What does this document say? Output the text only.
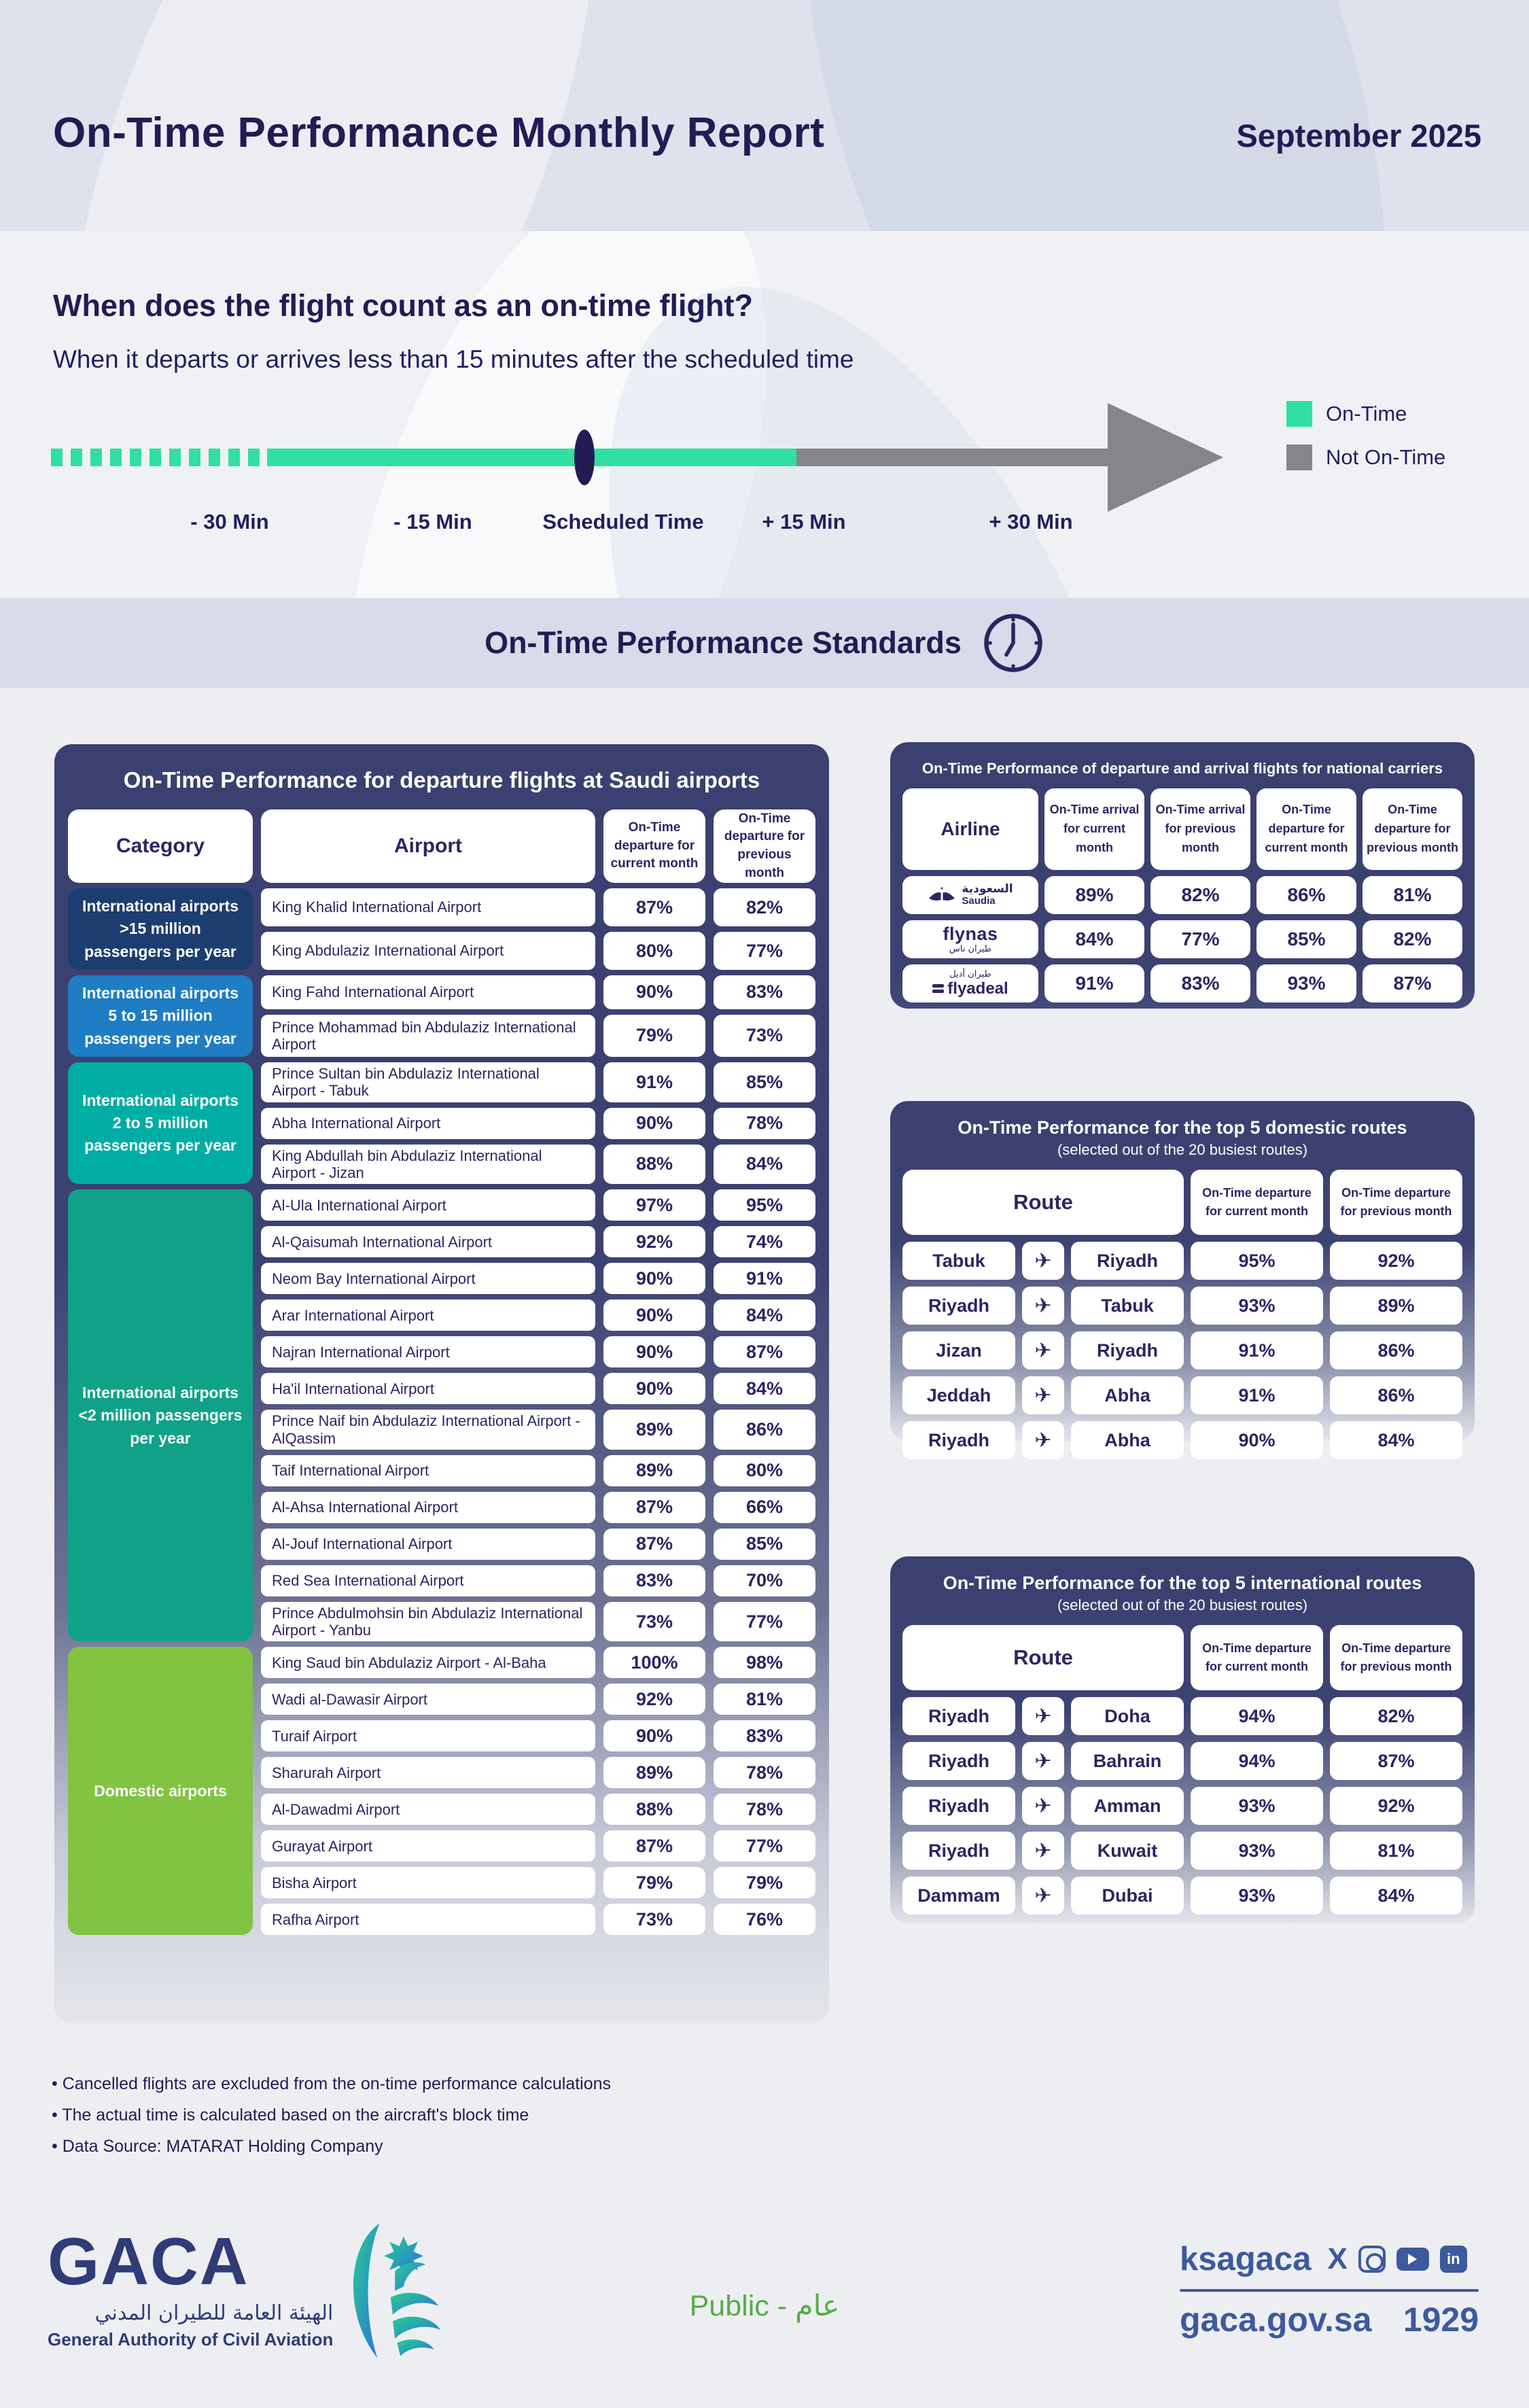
On-Time Performance Monthly Report	September 2025
When does the flight count as an on-time flight?
When it departs or arrives less than 15 minutes after the scheduled time
- 30 Min	- 15 Min	Scheduled Time	+ 15 Min	+ 30 Min
On-Time
Not On-Time
On-Time Performance Standards
On-Time Performance for departure flights at Saudi airports
Category	Airport
On-Time departure for current month
On-Time departure for previous month
International airports >15 million passengers per year
King Khalid International Airport	87%	82%
King Abdulaziz International Airport	80%	77%
International airports 5 to 15 million passengers per year
King Fahd International Airport	90%	83%
Prince Mohammad bin Abdulaziz International Airport	79%	73%
International airports 2 to 5 million passengers per year
Prince Sultan bin Abdulaziz International Airport - Tabuk	91%	85%
Abha International Airport	90%	78%
King Abdullah bin Abdulaziz International Airport - Jizan	88%	84%
International airports <2 million passengers per year
Al-Ula International Airport	97%	95%
Al-Qaisumah International Airport	92%	74%
Neom Bay International Airport	90%	91%
Arar International Airport	90%	84%
Najran International Airport	90%	87%
Ha'il International Airport	90%	84%
Prince Naif bin Abdulaziz International Airport - AlQassim	89%	86%
Taif International Airport	89%	80%
Al-Ahsa International Airport	87%	66%
Al-Jouf International Airport	87%	85%
Red Sea International Airport	83%	70%
Prince Abdulmohsin bin Abdulaziz International Airport - Yanbu	73%	77%
Domestic airports
King Saud bin Abdulaziz Airport - Al-Baha	100%	98%
Wadi al-Dawasir Airport	92%	81%
Turaif Airport	90%	83%
Sharurah Airport	89%	78%
Al-Dawadmi Airport	88%	78%
Gurayat Airport	87%	77%
Bisha Airport	79%	79%
Rafha Airport	73%	76%
On-Time Performance of departure and arrival flights for national carriers
Airline
On-Time arrival for current month
On-Time arrival for previous month
On-Time departure for current month
On-Time departure for previous month
السعودية
Saudia	89%	82%	86%	81%
flynas
طيران ناس	84%	77%	85%	82%
طيران أديل
flyadeal	91%	83%	93%	87%
On-Time Performance for the top 5 domestic routes
(selected out of the 20 busiest routes)
Route	On-Time departure for current month
On-Time departure for previous month
Tabuk	✈	Riyadh	95%	92%
Riyadh	✈	Tabuk	93%	89%
Jizan	✈	Riyadh	91%	86%
Jeddah	✈	Abha	91%	86%
Riyadh	✈	Abha	90%	84%
On-Time Performance for the top 5 international routes
(selected out of the 20 busiest routes)
Route	On-Time departure for current month
On-Time departure for previous month
Riyadh	✈	Doha	94%	82%
Riyadh	✈	Bahrain	94%	87%
Riyadh	✈	Amman	93%	92%
Riyadh	✈	Kuwait	93%	81%
Dammam	✈	Dubai	93%	84%
• Cancelled flights are excluded from the on-time performance calculations
• The actual time is calculated based on the aircraft's block time
• Data Source: MATARAT Holding Company
GACA
الهيئة العامة للطيران المدني
General Authority of Civil Aviation
Public - عام
ksagaca X	in
gaca.gov.sa 1929
